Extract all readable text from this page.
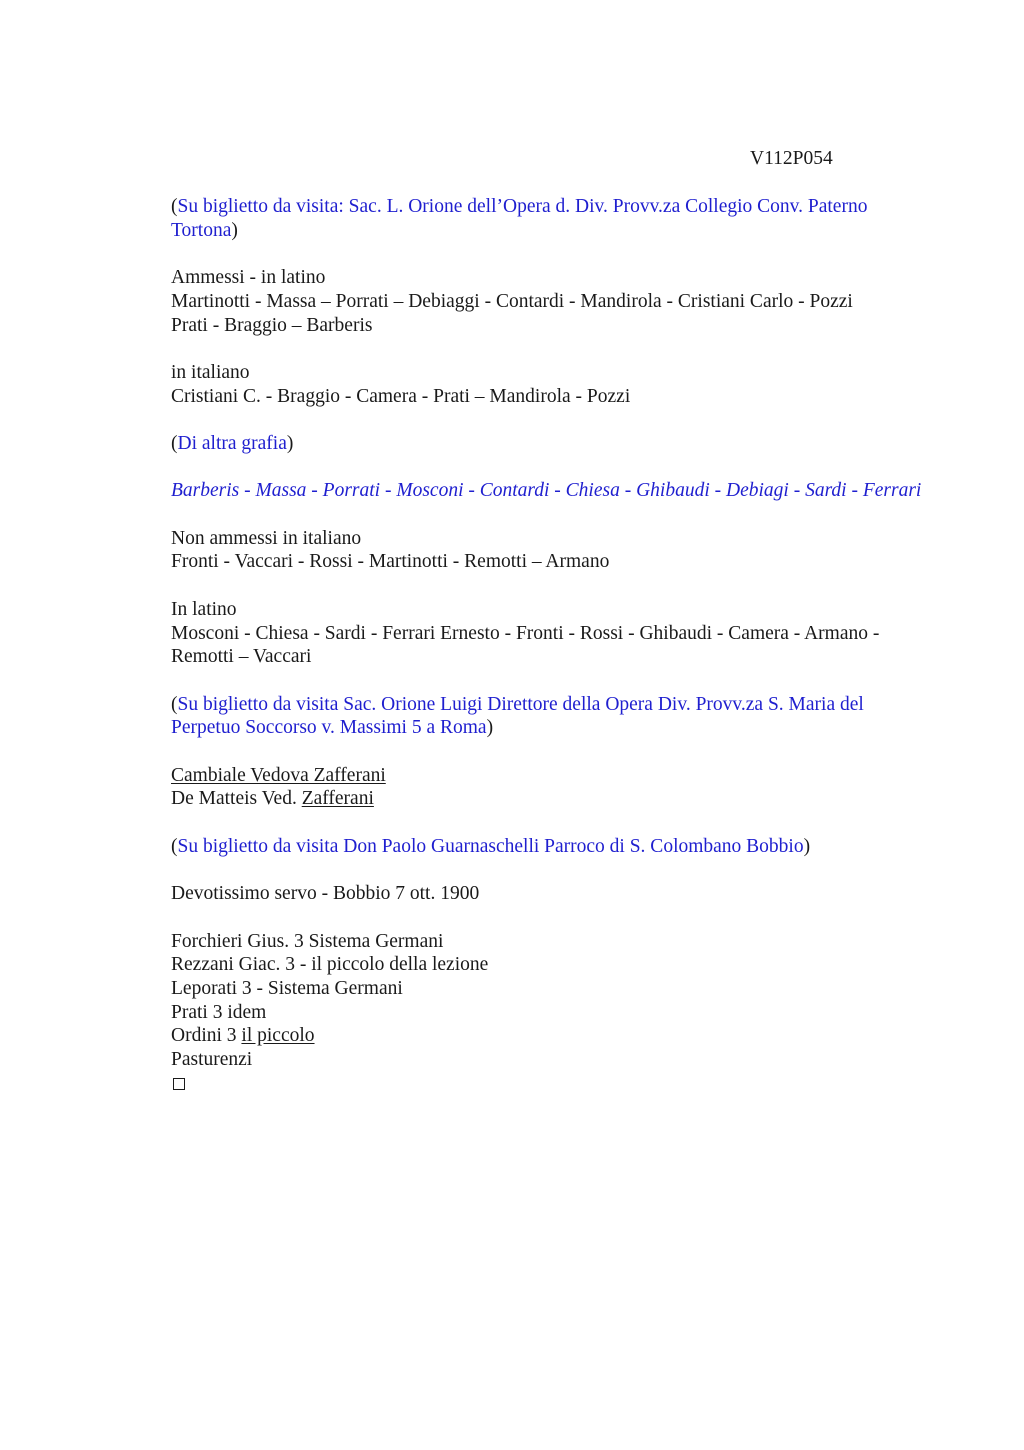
V112P054

(Su biglietto da visita: Sac. L. Orione dell’Opera d. Div. Provv.za Collegio Conv. Paterno Tortona)

Ammessi - in latino

Martinotti - Massa – Porrati – Debiaggi - Contardi - Mandirola - Cristiani Carlo - Pozzi

Prati - Braggio – Barberis

in italiano

Cristiani C. - Braggio - Camera - Prati – Mandirola - Pozzi

(Di altra grafia)

Barberis - Massa - Porrati - Mosconi - Contardi - Chiesa - Ghibaudi - Debiagi - Sardi - Ferrari

Non ammessi in italiano

Fronti - Vaccari - Rossi - Martinotti - Remotti – Armano

In latino

Mosconi - Chiesa - Sardi - Ferrari Ernesto - Fronti - Rossi - Ghibaudi - Camera - Armano -

Remotti – Vaccari

(Su biglietto da visita Sac. Orione Luigi Direttore della Opera Div. Provv.za S. Maria del Perpetuo Soccorso v. Massimi 5 a Roma)

Cambiale Vedova Zafferani

De Matteis Ved. Zafferani

(Su biglietto da visita Don Paolo Guarnaschelli Parroco di S. Colombano Bobbio)

Devotissimo servo - Bobbio 7 ott. 1900

Forchieri Gius. 3 Sistema Germani

Rezzani Giac. 3 - il piccolo della lezione

Leporati 3 - Sistema Germani

Prati 3 idem

Ordini 3 il piccolo

Pasturenzi
